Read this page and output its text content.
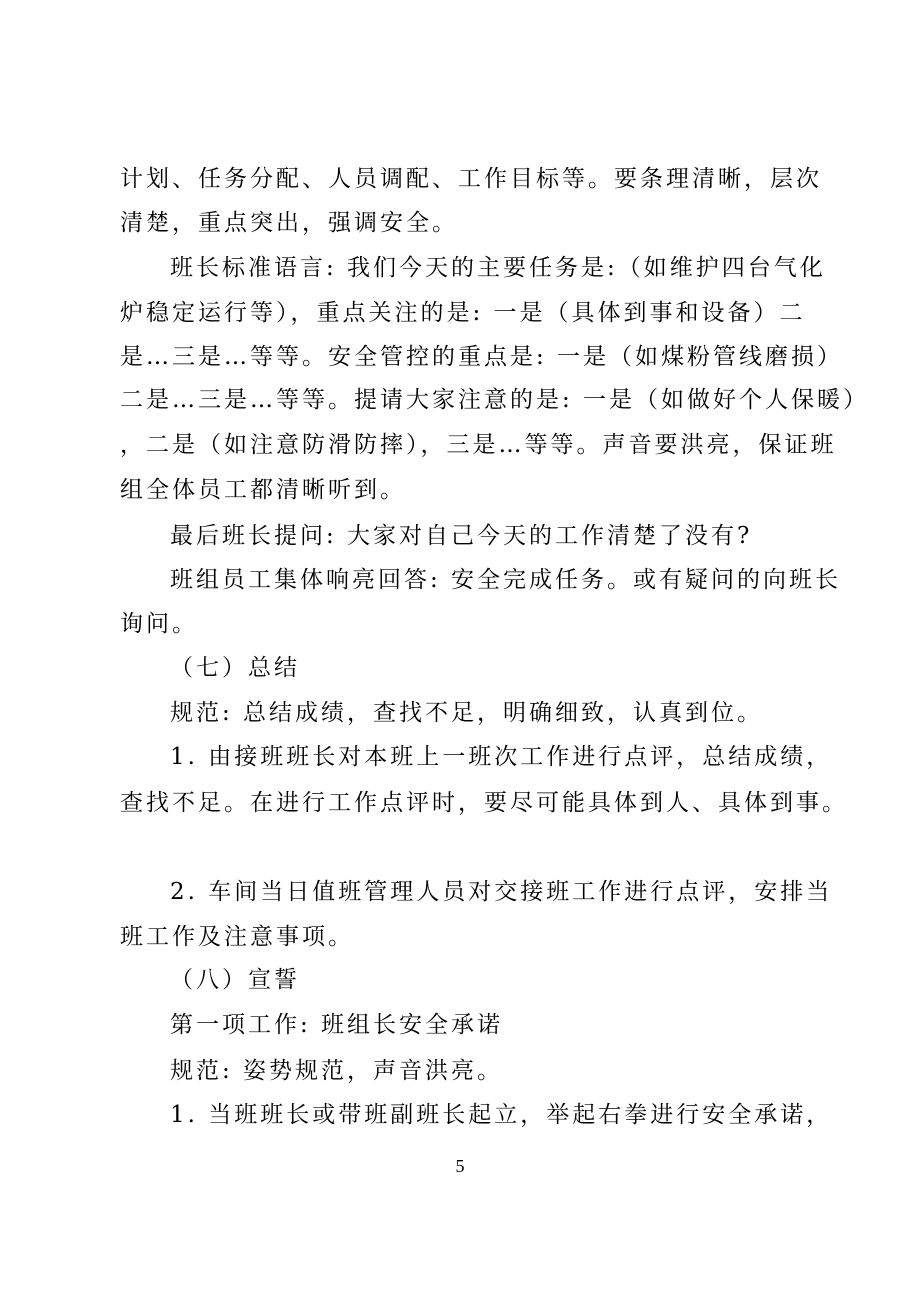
计划、任务分配、人员调配、工作目标等。要条理清晰，层次
清楚，重点突出，强调安全。
班长标准语言: 我们今天的主要任务是:（如维护四台气化
炉稳定运行等），重点关注的是: 一是（具体到事和设备）二
是…三是…等等。安全管控的重点是: 一是（如煤粉管线磨损）
二是…三是…等等。提请大家注意的是: 一是（如做好个人保暖）
，二是（如注意防滑防摔），三是…等等。声音要洪亮，保证班
组全体员工都清晰听到。
最后班长提问: 大家对自己今天的工作清楚了没有?
班组员工集体响亮回答: 安全完成任务。或有疑问的向班长
询问。
（七）总结
规范: 总结成绩，查找不足，明确细致，认真到位。
1. 由接班班长对本班上一班次工作进行点评，总结成绩，
查找不足。在进行工作点评时，要尽可能具体到人、具体到事。
2. 车间当日值班管理人员对交接班工作进行点评，安排当
班工作及注意事项。
（八）宣誓
第一项工作: 班组长安全承诺
规范: 姿势规范，声音洪亮。
1. 当班班长或带班副班长起立，举起右拳进行安全承诺，
5
